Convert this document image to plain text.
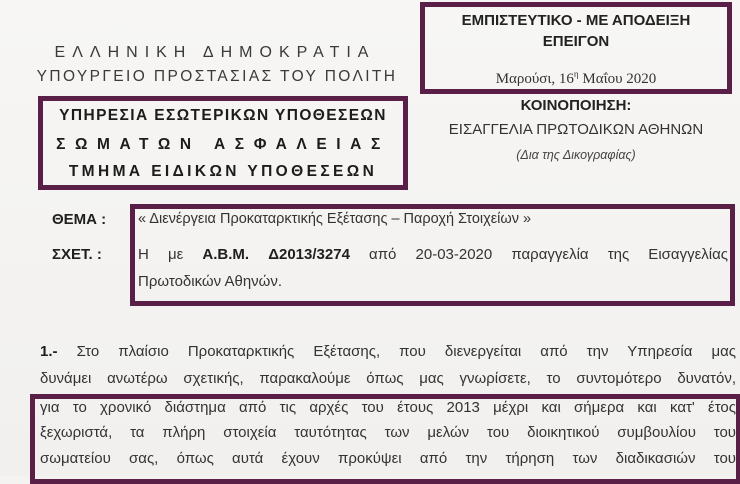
ΕΛΛΗΝΙΚΗ ΔΗΜΟΚΡΑΤΙΑ
ΥΠΟΥΡΓΕΙΟ ΠΡΟΣΤΑΣΙΑΣ ΤΟΥ ΠΟΛΙΤΗ
ΥΠΗΡΕΣΙΑ ΕΣΩΤΕΡΙΚΩΝ ΥΠΟΘΕΣΕΩΝ
ΣΩΜΑΤΩΝ ΑΣΦΑΛΕΙΑΣ
ΤΜΗΜΑ ΕΙΔΙΚΩΝ ΥΠΟΘΕΣΕΩΝ
ΕΜΠΙΣΤΕΥΤΙΚΟ - ΜΕ ΑΠΟΔΕΙΞΗ
ΕΠΕΙΓΟΝ
Μαρούσι, $16^\eta$ Μαΐου 2020
ΚΟΙΝΟΠΟΙΗΣΗ:
ΕΙΣΑΓΓΕΛΙΑ ΠΡΩΤΟΔΙΚΩΝ ΑΘΗΝΩΝ
(Δια της Δικογραφίας)
ΘΕΜΑ :
ΣΧΕΤ. :
« Διενέργεια Προκαταρκτικής Εξέτασης – Παροχή Στοιχείων »
Η με Α.Β.Μ. Δ2013/3274 από 20-03-2020 παραγγελία της Εισαγγελίας
Πρωτοδικών Αθηνών.
1.- Στο πλαίσιο Προκαταρκτικής Εξέτασης, που διενεργείται από την Υπηρεσία μας
δυνάμει ανωτέρω σχετικής, παρακαλούμε όπως μας γνωρίσετε, το συντομότερο δυνατόν,
για το χρονικό διάστημα από τις αρχές του έτους 2013 μέχρι και σήμερα και κατ' έτος
ξεχωριστά, τα πλήρη στοιχεία ταυτότητας των μελών του διοικητικού συμβουλίου του
σωματείου σας, όπως αυτά έχουν προκύψει από την τήρηση των διαδικασιών του
